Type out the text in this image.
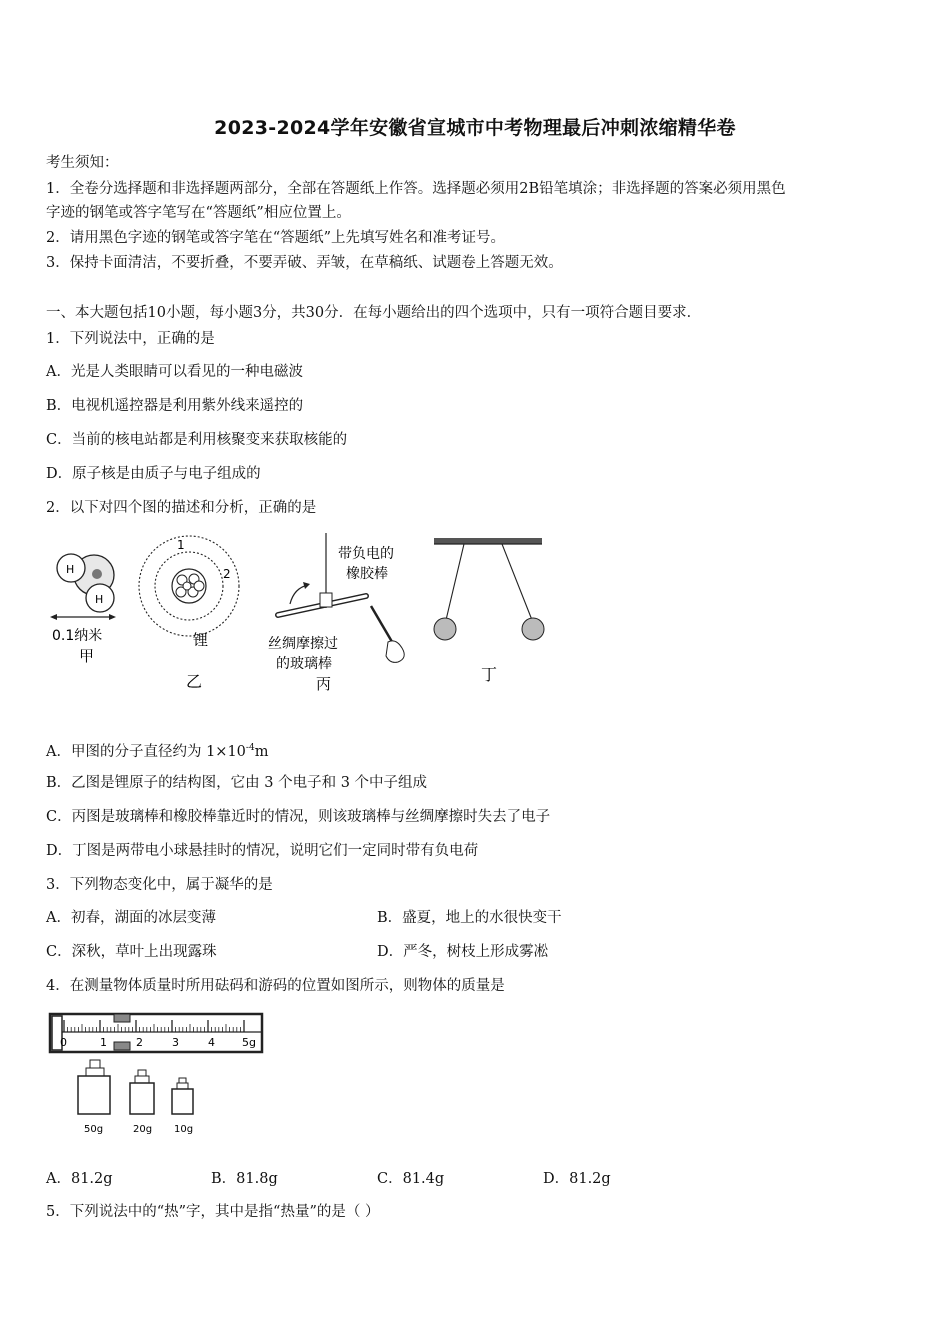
2023-2024学年安徽省宣城市中考物理最后冲刺浓缩精华卷
考生须知：
1．全卷分选择题和非选择题两部分，全部在答题纸上作答。选择题必须用2B铅笔填涂；非选择题的答案必须用黑色
字迹的钢笔或答字笔写在“答题纸”相应位置上。
2．请用黑色字迹的钢笔或答字笔在“答题纸”上先填写姓名和准考证号。
3．保持卡面清洁，不要折叠，不要弄破、弄皱，在草稿纸、试题卷上答题无效。
一、本大题包括10小题，每小题3分，共30分．在每小题给出的四个选项中，只有一项符合题目要求．
1．下列说法中，正确的是
A．光是人类眼睛可以看见的一种电磁波
B．电视机遥控器是利用紫外线来遥控的
C．当前的核电站都是利用核聚变来获取核能的
D．原子核是由质子与电子组成的
2．以下对四个图的描述和分析，正确的是
H
H
0.1纳米
甲
1
2
锂
乙
带负电的
橡胶棒
丝绸摩擦过
的玻璃棒
丙	丁
A．甲图的分子直径约为 $1\times 10^{-4}m$
B．乙图是锂原子的结构图，它由 3 个电子和 3 个中子组成
C．丙图是玻璃棒和橡胶棒靠近时的情况，则该玻璃棒与丝绸摩擦时失去了电子
D．丁图是两带电小球悬挂时的情况，说明它们一定同时带有负电荷
3．下列物态变化中，属于凝华的是
A．初春，湖面的冰层变薄	B．盛夏，地上的水很快变干
C．深秋，草叶上出现露珠	D．严冬，树枝上形成雾凇
4．在测量物体质量时所用砝码和游码的位置如图所示，则物体的质量是
0	1	2	3	4 5g
50g	20g 10g
A．81.2g	B．81.8g	C．81.4g	D．81.2g
5．下列说法中的“热”字，其中是指“热量”的是（ ）
